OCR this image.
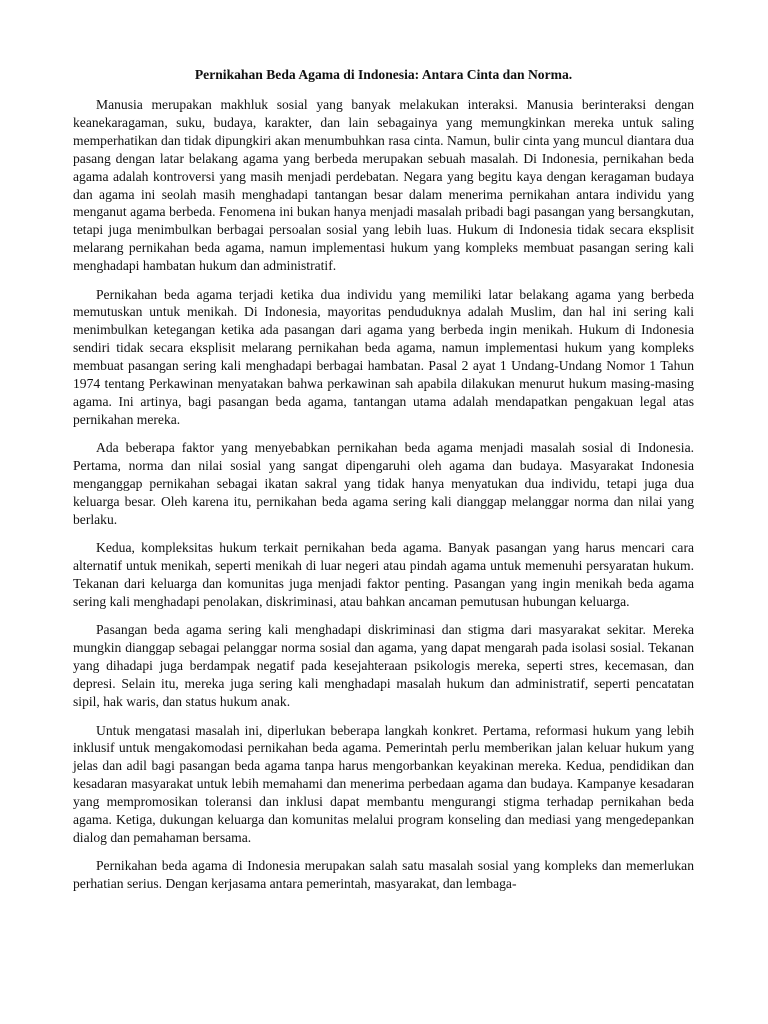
Pernikahan Beda Agama di Indonesia: Antara Cinta dan Norma.

Manusia merupakan makhluk sosial yang banyak melakukan interaksi. Manusia berinteraksi dengan keanekaragaman, suku, budaya, karakter, dan lain sebagainya yang memungkinkan mereka untuk saling memperhatikan dan tidak dipungkiri akan menumbuhkan rasa cinta. Namun, bulir cinta yang muncul diantara dua pasang dengan latar belakang agama yang berbeda merupakan sebuah masalah. Di Indonesia, pernikahan beda agama adalah kontroversi yang masih menjadi perdebatan. Negara yang begitu kaya dengan keragaman budaya dan agama ini seolah masih menghadapi tantangan besar dalam menerima pernikahan antara individu yang menganut agama berbeda. Fenomena ini bukan hanya menjadi masalah pribadi bagi pasangan yang bersangkutan, tetapi juga menimbulkan berbagai persoalan sosial yang lebih luas. Hukum di Indonesia tidak secara eksplisit melarang pernikahan beda agama, namun implementasi hukum yang kompleks membuat pasangan sering kali menghadapi hambatan hukum dan administratif.

Pernikahan beda agama terjadi ketika dua individu yang memiliki latar belakang agama yang berbeda memutuskan untuk menikah. Di Indonesia, mayoritas penduduknya adalah Muslim, dan hal ini sering kali menimbulkan ketegangan ketika ada pasangan dari agama yang berbeda ingin menikah. Hukum di Indonesia sendiri tidak secara eksplisit melarang pernikahan beda agama, namun implementasi hukum yang kompleks membuat pasangan sering kali menghadapi berbagai hambatan. Pasal 2 ayat 1 Undang-Undang Nomor 1 Tahun 1974 tentang Perkawinan menyatakan bahwa perkawinan sah apabila dilakukan menurut hukum masing-masing agama. Ini artinya, bagi pasangan beda agama, tantangan utama adalah mendapatkan pengakuan legal atas pernikahan mereka.

Ada beberapa faktor yang menyebabkan pernikahan beda agama menjadi masalah sosial di Indonesia. Pertama, norma dan nilai sosial yang sangat dipengaruhi oleh agama dan budaya. Masyarakat Indonesia menganggap pernikahan sebagai ikatan sakral yang tidak hanya menyatukan dua individu, tetapi juga dua keluarga besar. Oleh karena itu, pernikahan beda agama sering kali dianggap melanggar norma dan nilai yang berlaku.

Kedua, kompleksitas hukum terkait pernikahan beda agama. Banyak pasangan yang harus mencari cara alternatif untuk menikah, seperti menikah di luar negeri atau pindah agama untuk memenuhi persyaratan hukum. Tekanan dari keluarga dan komunitas juga menjadi faktor penting. Pasangan yang ingin menikah beda agama sering kali menghadapi penolakan, diskriminasi, atau bahkan ancaman pemutusan hubungan keluarga.

Pasangan beda agama sering kali menghadapi diskriminasi dan stigma dari masyarakat sekitar. Mereka mungkin dianggap sebagai pelanggar norma sosial dan agama, yang dapat mengarah pada isolasi sosial. Tekanan yang dihadapi juga berdampak negatif pada kesejahteraan psikologis mereka, seperti stres, kecemasan, dan depresi. Selain itu, mereka juga sering kali menghadapi masalah hukum dan administratif, seperti pencatatan sipil, hak waris, dan status hukum anak.

Untuk mengatasi masalah ini, diperlukan beberapa langkah konkret. Pertama, reformasi hukum yang lebih inklusif untuk mengakomodasi pernikahan beda agama. Pemerintah perlu memberikan jalan keluar hukum yang jelas dan adil bagi pasangan beda agama tanpa harus mengorbankan keyakinan mereka. Kedua, pendidikan dan kesadaran masyarakat untuk lebih memahami dan menerima perbedaan agama dan budaya. Kampanye kesadaran yang mempromosikan toleransi dan inklusi dapat membantu mengurangi stigma terhadap pernikahan beda agama. Ketiga, dukungan keluarga dan komunitas melalui program konseling dan mediasi yang mengedepankan dialog dan pemahaman bersama.

Pernikahan beda agama di Indonesia merupakan salah satu masalah sosial yang kompleks dan memerlukan perhatian serius. Dengan kerjasama antara pemerintah, masyarakat, dan lembaga-
